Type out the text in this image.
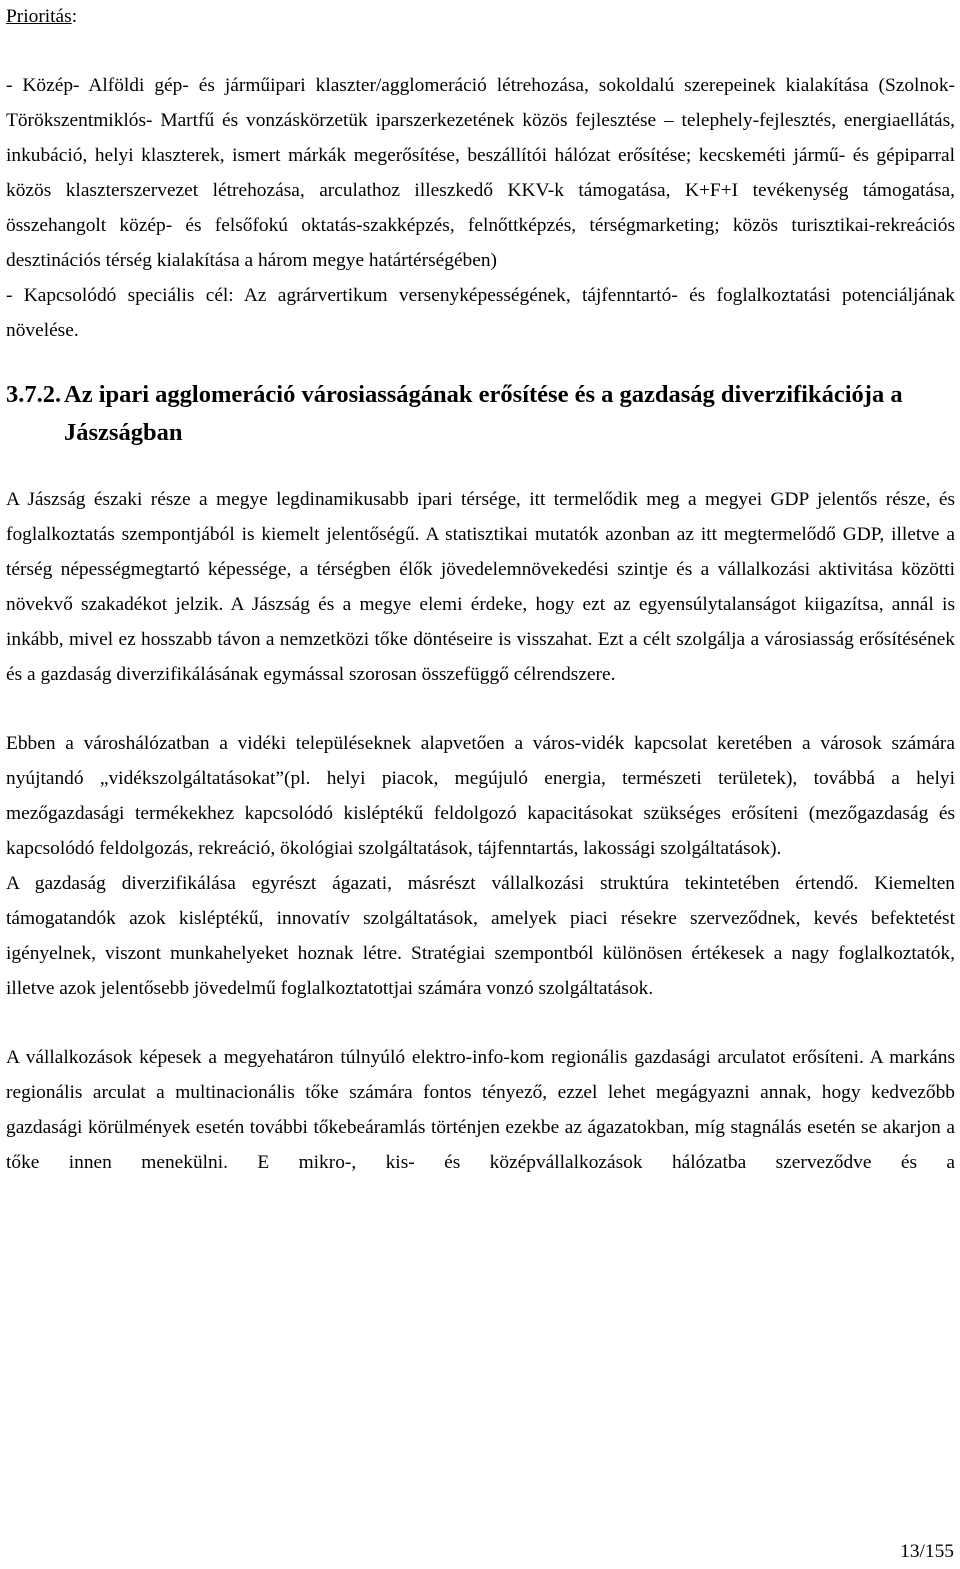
Prioritás:

- Közép- Alföldi gép- és járműipari klaszter/agglomeráció létrehozása, sokoldalú szerepeinek kialakítása (Szolnok- Törökszentmiklós- Martfű és vonzáskörzetük iparszerkezetének közös fejlesztése – telephely-fejlesztés, energiaellátás, inkubáció, helyi klaszterek, ismert márkák megerősítése, beszállítói hálózat erősítése; kecskeméti jármű- és gépiparral közös klaszterszervezet létrehozása, arculathoz illeszkedő KKV-k támogatása, K+F+I tevékenység támogatása, összehangolt közép- és felsőfokú oktatás-szakképzés, felnőttképzés, térségmarketing; közös turisztikai-rekreációs desztinációs térség kialakítása a három megye határtérségében)

- Kapcsolódó speciális cél: Az agrárvertikum versenyképességének, tájfenntartó- és foglalkoztatási potenciáljának növelése.

3.7.2. Az ipari agglomeráció városiasságának erősítése és a gazdaság diverzifikációja a Jászságban

A Jászság északi része a megye legdinamikusabb ipari térsége, itt termelődik meg a megyei GDP jelentős része, és foglalkoztatás szempontjából is kiemelt jelentőségű. A statisztikai mutatók azonban az itt megtermelődő GDP, illetve a térség népességmegtartó képessége, a térségben élők jövedelemnövekedési szintje és a vállalkozási aktivitása közötti növekvő szakadékot jelzik. A Jászság és a megye elemi érdeke, hogy ezt az egyensúlytalanságot kiigazítsa, annál is inkább, mivel ez hosszabb távon a nemzetközi tőke döntéseire is visszahat. Ezt a célt szolgálja a városiasság erősítésének és a gazdaság diverzifikálásának egymással szorosan összefüggő célrendszere.

Ebben a városhálózatban a vidéki településeknek alapvetően a város-vidék kapcsolat keretében a városok számára nyújtandó „vidékszolgáltatásokat”(pl. helyi piacok, megújuló energia, természeti területek), továbbá a helyi mezőgazdasági termékekhez kapcsolódó kisléptékű feldolgozó kapacitásokat szükséges erősíteni (mezőgazdaság és kapcsolódó feldolgozás, rekreáció, ökológiai szolgáltatások, tájfenntartás, lakossági szolgáltatások).

A gazdaság diverzifikálása egyrészt ágazati, másrészt vállalkozási struktúra tekintetében értendő. Kiemelten támogatandók azok kisléptékű, innovatív szolgáltatások, amelyek piaci résekre szerveződnek, kevés befektetést igényelnek, viszont munkahelyeket hoznak létre. Stratégiai szempontból különösen értékesek a nagy foglalkoztatók, illetve azok jelentősebb jövedelmű foglalkoztatottjai számára vonzó szolgáltatások.

A vállalkozások képesek a megyehatáron túlnyúló elektro-info-kom regionális gazdasági arculatot erősíteni. A markáns regionális arculat a multinacionális tőke számára fontos tényező, ezzel lehet megágyazni annak, hogy kedvezőbb gazdasági körülmények esetén további tőkebeáramlás történjen ezekbe az ágazatokban, míg stagnálás esetén se akarjon a tőke innen menekülni. E mikro-, kis- és középvállalkozások hálózatba szerveződve és a

13/155
